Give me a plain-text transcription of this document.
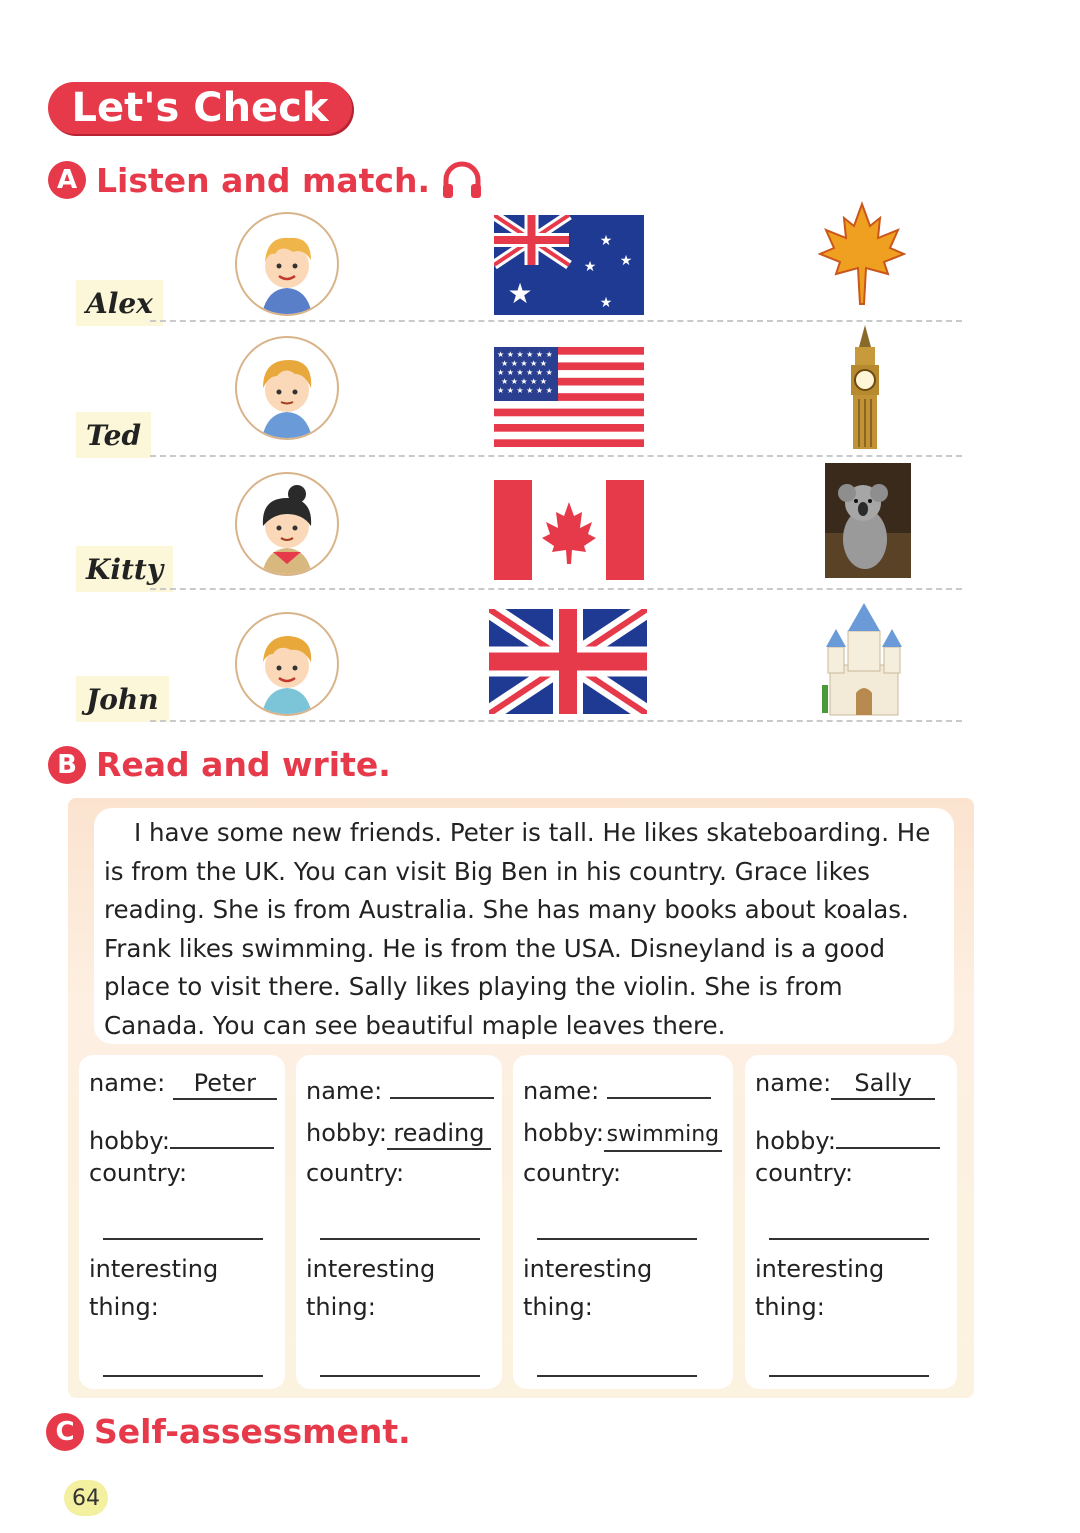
Let's Check
A Listen and match.
Alex	★
★
★
★
★
Ted
★ ★ ★ ★ ★ ★
★ ★ ★ ★ ★
★ ★ ★ ★ ★ ★
★ ★ ★ ★ ★
★ ★ ★ ★ ★ ★
Kitty
John
B Read and write.

I have some new friends. Peter is tall. He likes skateboarding. He is from the UK. You can visit Big Ben in his country. Grace likes reading. She is from Australia. She has many books about koalas. Frank likes swimming. He is from the USA. Disneyland is a good place to visit there. Sally likes playing the violin. She is from Canada. You can see beautiful maple leaves there.

name: Peter
hobby:
country:
interesting
thing:
name:
hobby: reading
country:
interesting
thing:
name:
hobby: swimming
country:
interesting
thing:
name: Sally
hobby:
country:
interesting
thing:
C Self-assessment.
64
